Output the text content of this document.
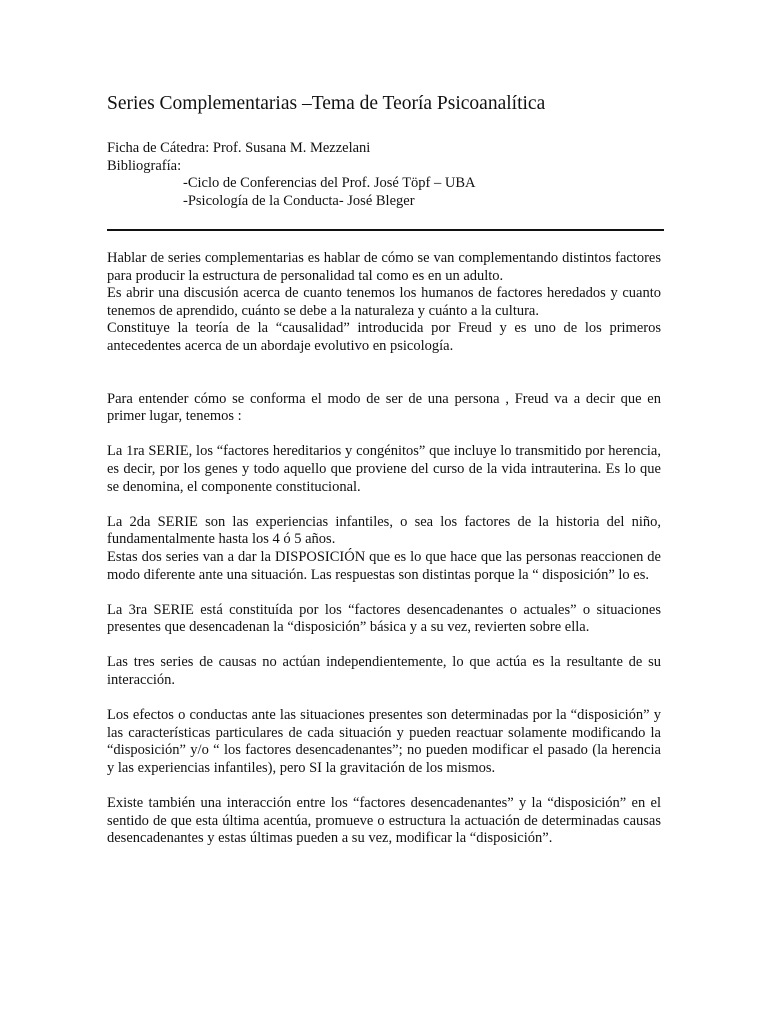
Series Complementarias –Tema de Teoría Psicoanalítica
Ficha de Cátedra: Prof. Susana M. Mezzelani
Bibliografía:
-Ciclo de Conferencias del Prof. José Töpf – UBA
-Psicología de la Conducta- José Bleger

Hablar de series complementarias es hablar de cómo se van complementando distintos factores para producir la estructura de personalidad tal como es en un adulto.

Es abrir una discusión acerca de cuanto tenemos los humanos de factores heredados y cuanto tenemos de aprendido, cuánto se debe a la naturaleza y cuánto a la cultura.

Constituye la teoría de la “causalidad” introducida por Freud y es uno de los primeros antecedentes acerca de un abordaje evolutivo en psicología.

Para entender cómo se conforma el modo de ser de una persona , Freud va a decir que en primer lugar, tenemos :

La 1ra SERIE, los “factores hereditarios y congénitos” que incluye lo transmitido por herencia, es decir, por los genes y todo aquello que proviene del curso de la vida intrauterina. Es lo que se denomina, el componente constitucional.

La 2da SERIE son las experiencias infantiles, o sea los factores de la historia del niño, fundamentalmente hasta los 4 ó 5 años.

Estas dos series van a dar la DISPOSICIÓN que es lo que hace que las personas reaccionen de modo diferente ante una situación. Las respuestas son distintas porque la “ disposición” lo es.

La 3ra SERIE está constituída por los “factores desencadenantes o actuales” o situaciones presentes que desencadenan la “disposición” básica y a su vez, revierten sobre ella.

Las tres series de causas no actúan independientemente, lo que actúa es la resultante de su interacción.

Los efectos o conductas ante las situaciones presentes son determinadas por la “disposición” y las características particulares de cada situación y pueden reactuar solamente modificando la “disposición” y/o “ los factores desencadenantes”; no pueden modificar el pasado (la herencia y las experiencias infantiles), pero SI la gravitación de los mismos.

Existe también una interacción entre los “factores desencadenantes” y la “disposición” en el sentido de que esta última acentúa, promueve o estructura la actuación de determinadas causas desencadenantes y estas últimas pueden a su vez, modificar la “disposición”.
